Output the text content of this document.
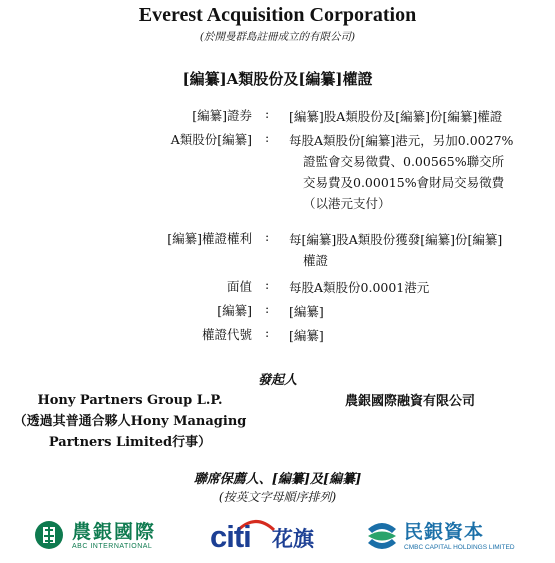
Everest Acquisition Corporation
(於開曼群島註冊成立的有限公司)
[編纂]A類股份及[編纂]權證
[編纂]證券 : [編纂]股A類股份及[編纂]份[編纂]權證
A類股份[編纂] : 每股A類股份[編纂]港元，另加0.0027%
證監會交易徵費、0.00565%聯交所
交易費及0.00015%會財局交易徵費
（以港元支付）
[編纂]權證權利 : 每[編纂]股A類股份獲發[編纂]份[編纂]
權證
面值 : 每股A類股份0.0001港元
[編纂] : [編纂]
權證代號 : [編纂]
發起人
Hony Partners Group L.P.
（透過其普通合夥人Hony Managing
Partners Limited行事）
農銀國際融資有限公司
聯席保薦人、[編纂]及[編纂]
(按英文字母順序排列)
農銀國際
ABC INTERNATIONAL citi 花旗	民銀資本
CMBC CAPITAL HOLDINGS LIMITED
